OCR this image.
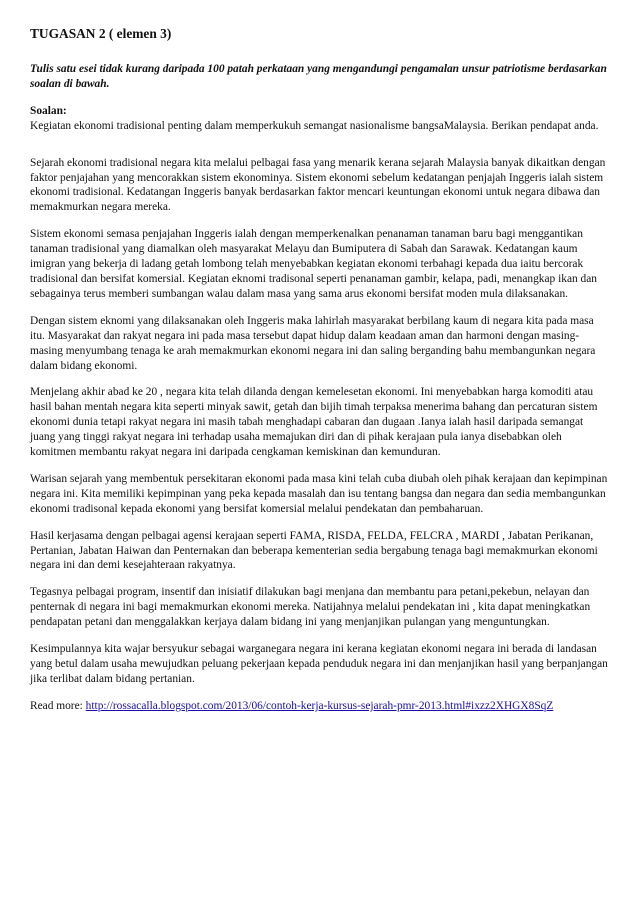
TUGASAN 2 ( elemen 3)
Tulis satu esei tidak kurang daripada 100 patah perkataan yang mengandungi pengamalan unsur patriotisme berdasarkan soalan di bawah.
Soalan:
Kegiatan ekonomi tradisional penting dalam memperkukuh semangat nasionalisme bangsaMalaysia. Berikan pendapat anda.

Sejarah ekonomi tradisional negara kita melalui pelbagai fasa yang menarik kerana sejarah Malaysia banyak dikaitkan dengan faktor penjajahan yang mencorakkan sistem ekonominya. Sistem ekonomi sebelum kedatangan penjajah Inggeris ialah sistem ekonomi tradisional. Kedatangan Inggeris banyak berdasarkan faktor mencari keuntungan ekonomi untuk negara dibawa dan memakmurkan negara mereka.

Sistem ekonomi semasa penjajahan Inggeris ialah dengan memperkenalkan penanaman tanaman baru bagi menggantikan tanaman tradisional yang diamalkan oleh masyarakat Melayu dan Bumiputera di Sabah dan Sarawak. Kedatangan kaum imigran yang bekerja di ladang getah lombong telah menyebabkan kegiatan ekonomi terbahagi kepada dua iaitu bercorak tradisional dan bersifat komersial. Kegiatan eknomi tradisonal seperti penanaman gambir, kelapa, padi, menangkap ikan dan sebagainya terus memberi sumbangan walau dalam masa yang sama arus ekonomi bersifat moden mula dilaksanakan.

Dengan sistem eknomi yang dilaksanakan oleh Inggeris maka lahirlah masyarakat berbilang kaum di negara kita pada masa itu. Masyarakat dan rakyat negara ini pada masa tersebut dapat hidup dalam keadaan aman dan harmoni dengan masing-masing menyumbang tenaga ke arah memakmurkan ekonomi negara ini dan saling berganding bahu membangunkan negara dalam bidang ekonomi.

Menjelang akhir abad ke 20 , negara kita telah dilanda dengan kemelesetan ekonomi. Ini menyebabkan harga komoditi atau hasil bahan mentah negara kita seperti minyak sawit, getah dan bijih timah terpaksa menerima bahang dan percaturan sistem ekonomi dunia tetapi rakyat negara ini masih tabah menghadapi cabaran dan dugaan .Ianya ialah hasil daripada semangat juang yang tinggi rakyat negara ini terhadap usaha memajukan diri dan di pihak kerajaan pula ianya disebabkan oleh komitmen membantu rakyat negara ini daripada cengkaman kemiskinan dan kemunduran.

Warisan sejarah yang membentuk persekitaran ekonomi pada masa kini telah cuba diubah oleh pihak kerajaan dan kepimpinan negara ini. Kita memiliki kepimpinan yang peka kepada masalah dan isu tentang bangsa dan negara dan sedia membangunkan ekonomi tradisonal kepada ekonomi yang bersifat komersial melalui pendekatan dan pembaharuan.

Hasil kerjasama dengan pelbagai agensi kerajaan seperti FAMA, RISDA, FELDA, FELCRA , MARDI , Jabatan Perikanan, Pertanian, Jabatan Haiwan dan Penternakan dan beberapa kementerian sedia bergabung tenaga bagi memakmurkan ekonomi negara ini dan demi kesejahteraan rakyatnya.

Tegasnya pelbagai program, insentif dan inisiatif dilakukan bagi menjana dan membantu para petani,pekebun, nelayan dan penternak di negara ini bagi memakmurkan ekonomi mereka. Natijahnya melalui pendekatan ini , kita dapat meningkatkan pendapatan petani dan menggalakkan kerjaya dalam bidang ini yang menjanjikan pulangan yang menguntungkan.

Kesimpulannya kita wajar bersyukur sebagai warganegara negara ini kerana kegiatan ekonomi negara ini berada di landasan yang betul dalam usaha mewujudkan peluang pekerjaan kepada penduduk negara ini dan menjanjikan hasil yang berpanjangan jika terlibat dalam bidang pertanian.

Read more: http://rossacalla.blogspot.com/2013/06/contoh-kerja-kursus-sejarah-pmr-2013.html#ixzz2XHGX8SqZ
